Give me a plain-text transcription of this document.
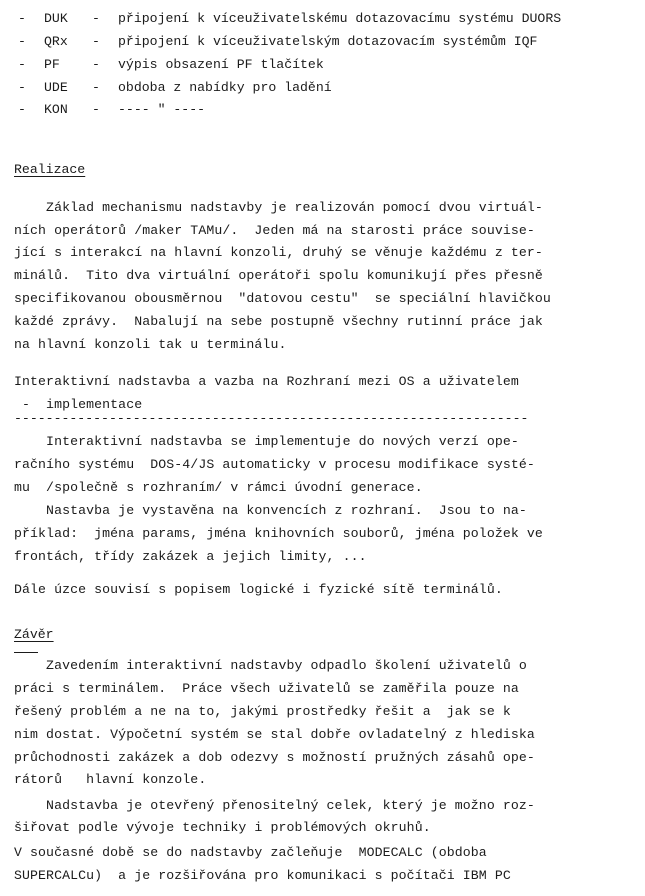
-

DUK

-

připojení k víceuživatelskému dotazovacímu systému DUORS

-

QRx

-

připojení k víceuživatelským dotazovacím systémům IQF

-

PF

-

výpis obsazení PF tlačítek

-

UDE

-

obdoba z nabídky pro ladění

-

KON

-

---- " ----

Realizace
Základ mechanismu nadstavby je realizován pomocí dvou virtuál-
ních operátorů /maker TAMu/.  Jeden má na starosti práce souvise-
jící s interakcí na hlavní konzoli, druhý se věnuje každému z ter-
minálů.  Tito dva virtuální operátoři spolu komunikují přes přesně
specifikovanou obousměrnou  "datovou cestu"  se speciální hlavičkou
každé zprávy.  Nabalují na sebe postupně všechny rutinní práce jak
na hlavní konzoli tak u terminálu.
Interaktivní nadstavba a vazba na Rozhraní mezi OS a uživatelem
-  implementace
-----------------------------------------------------------------
Interaktivní nadstavba se implementuje do nových verzí ope-
račního systému  DOS-4/JS automaticky v procesu modifikace systé-
mu  /společně s rozhraním/ v rámci úvodní generace.
Nastavba je vystavěna na konvencích z rozhraní.  Jsou to na-
příklad:  jména params, jména knihovních souborů, jména položek ve
frontách, třídy zakázek a jejich limity, ...
Dále úzce souvisí s popisem logické i fyzické sítě terminálů.
Závěr
Zavedením interaktivní nadstavby odpadlo školení uživatelů o
práci s terminálem.  Práce všech uživatelů se zaměřila pouze na
řešený problém a ne na to, jakými prostředky řešit a  jak se k
nim dostat. Výpočetní systém se stal dobře ovladatelný z hlediska
průchodnosti zakázek a dob odezvy s možností pružných zásahů ope-
rátorů   hlavní konzole.
Nadstavba je otevřený přenositelný celek, který je možno roz-
šiřovat podle vývoje techniky i problémových okruhů.
V současné době se do nadstavby začleňuje  MODECALC (obdoba
SUPERCALCu)  a je rozšiřována pro komunikaci s počítači IBM PC
